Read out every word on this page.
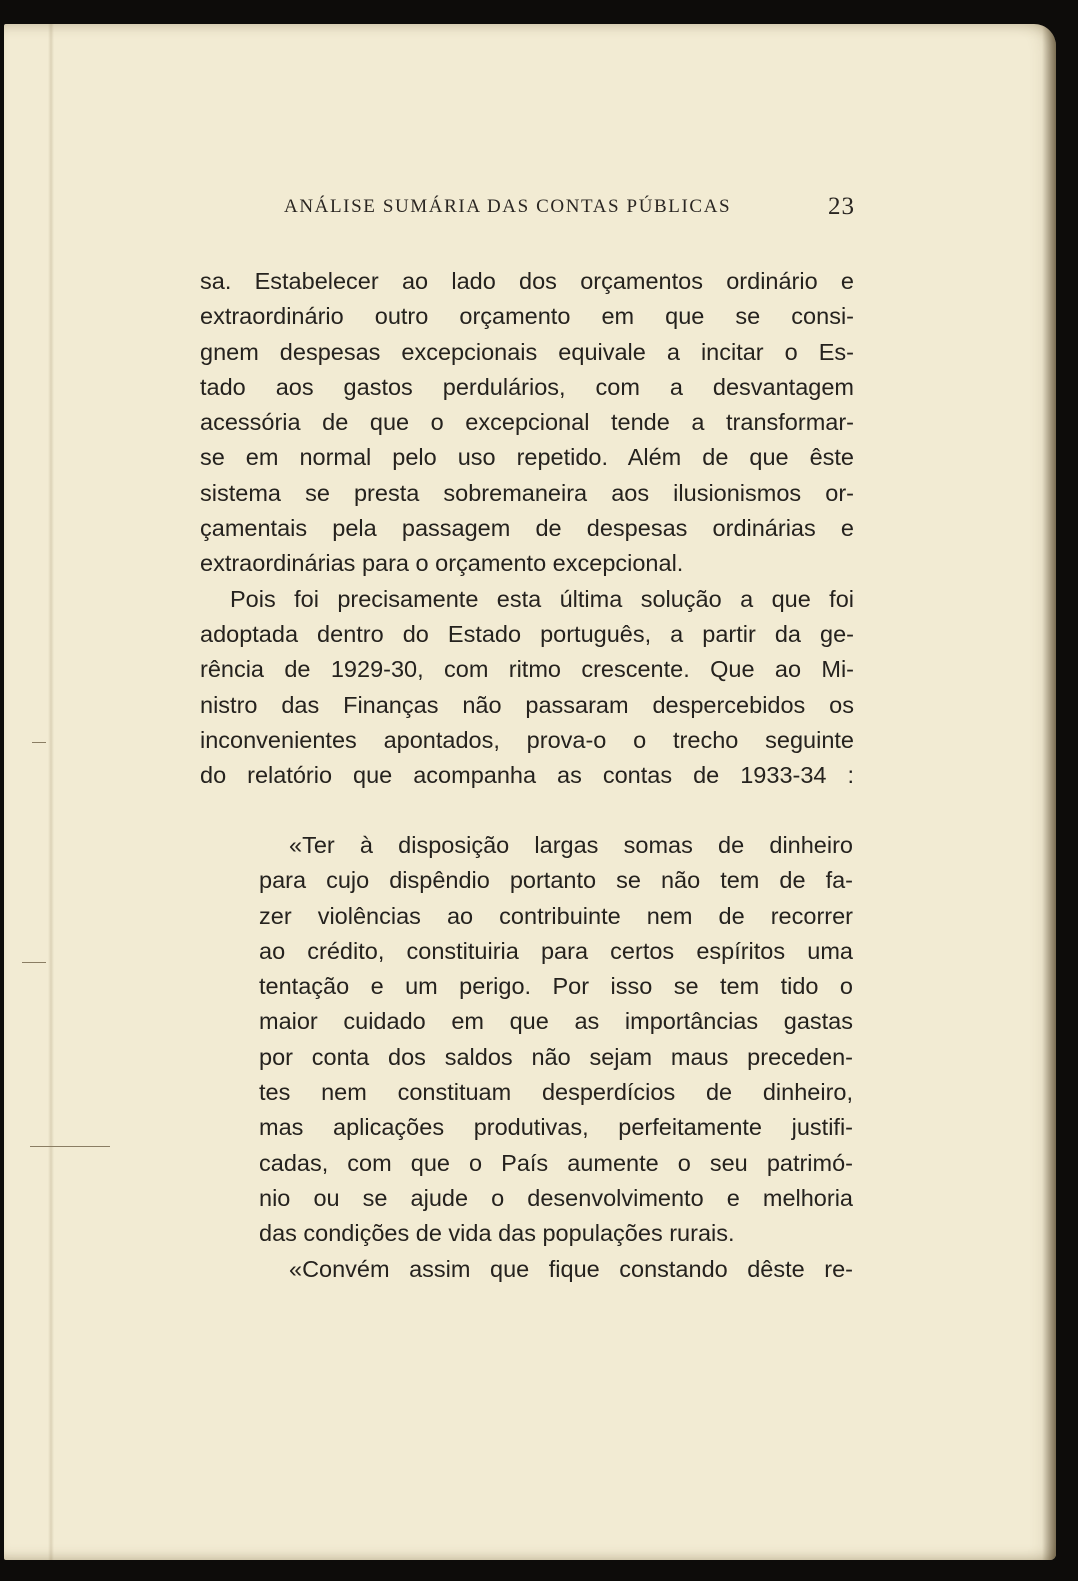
ANÁLISE SUMÁRIA DAS CONTAS PÚBLICAS	23
sa. Estabelecer ao lado dos orçamentos ordinário e
extraordinário outro orçamento em que se consi-
gnem despesas excepcionais equivale a incitar o Es-
tado aos gastos perdulários, com a desvantagem
acessória de que o excepcional tende a transformar-
se em normal pelo uso repetido. Além de que êste
sistema se presta sobremaneira aos ilusionismos or-
çamentais pela passagem de despesas ordinárias e
extraordinárias para o orçamento excepcional.
Pois foi precisamente esta última solução a que foi
adoptada dentro do Estado português, a partir da ge-
rência de 1929-30, com ritmo crescente. Que ao Mi-
nistro das Finanças não passaram despercebidos os
inconvenientes apontados, prova-o o trecho seguinte
do relatório que acompanha as contas de 1933-34 :
«Ter à disposição largas somas de dinheiro
para cujo dispêndio portanto se não tem de fa-
zer violências ao contribuinte nem de recorrer
ao crédito, constituiria para certos espíritos uma
tentação e um perigo. Por isso se tem tido o
maior cuidado em que as importâncias gastas
por conta dos saldos não sejam maus preceden-
tes nem constituam desperdícios de dinheiro,
mas aplicações produtivas, perfeitamente justifi-
cadas, com que o País aumente o seu patrimó-
nio ou se ajude o desenvolvimento e melhoria
das condições de vida das populações rurais.
«Convém assim que fique constando dêste re-
